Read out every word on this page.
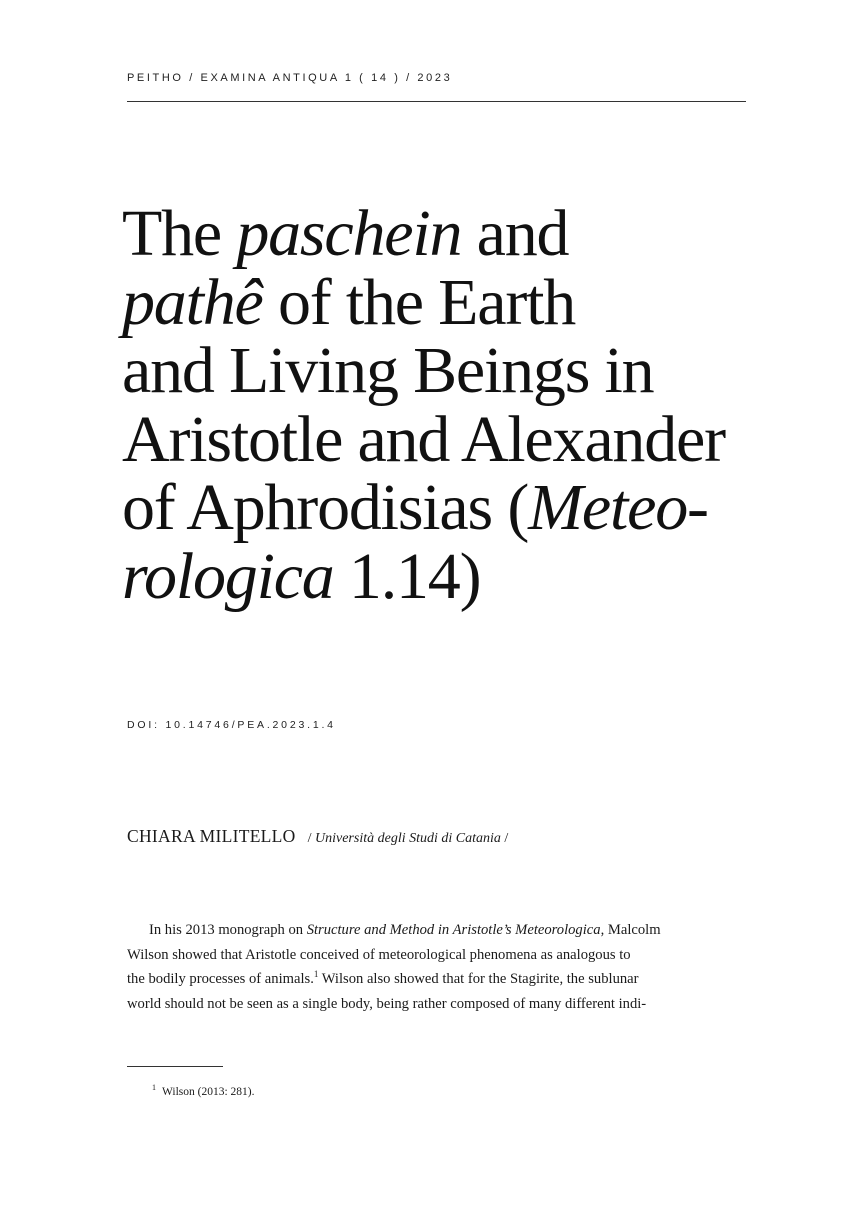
PEITHO / EXAMINA ANTIQUA 1 ( 14 ) / 2023
The paschein and
pathê of the Earth
and Living Beings in
Aristotle and Alexander
of Aphrodisias (Meteo-
rologica 1.14)
DOI: 10.14746/PEA.2023.1.4
CHIARA MILITELLO / Università degli Studi di Catania /

In his 2013 monograph on Structure and Method in Aristotle’s Meteorologica, Malcolm
Wilson showed that Aristotle conceived of meteorological phenomena as analogous to
the bodily processes of animals.$^1$ Wilson also showed that for the Stagirite, the sublunar
world should not be seen as a single body, being rather composed of many different indi-

$^1$ Wilson (2013: 281).
